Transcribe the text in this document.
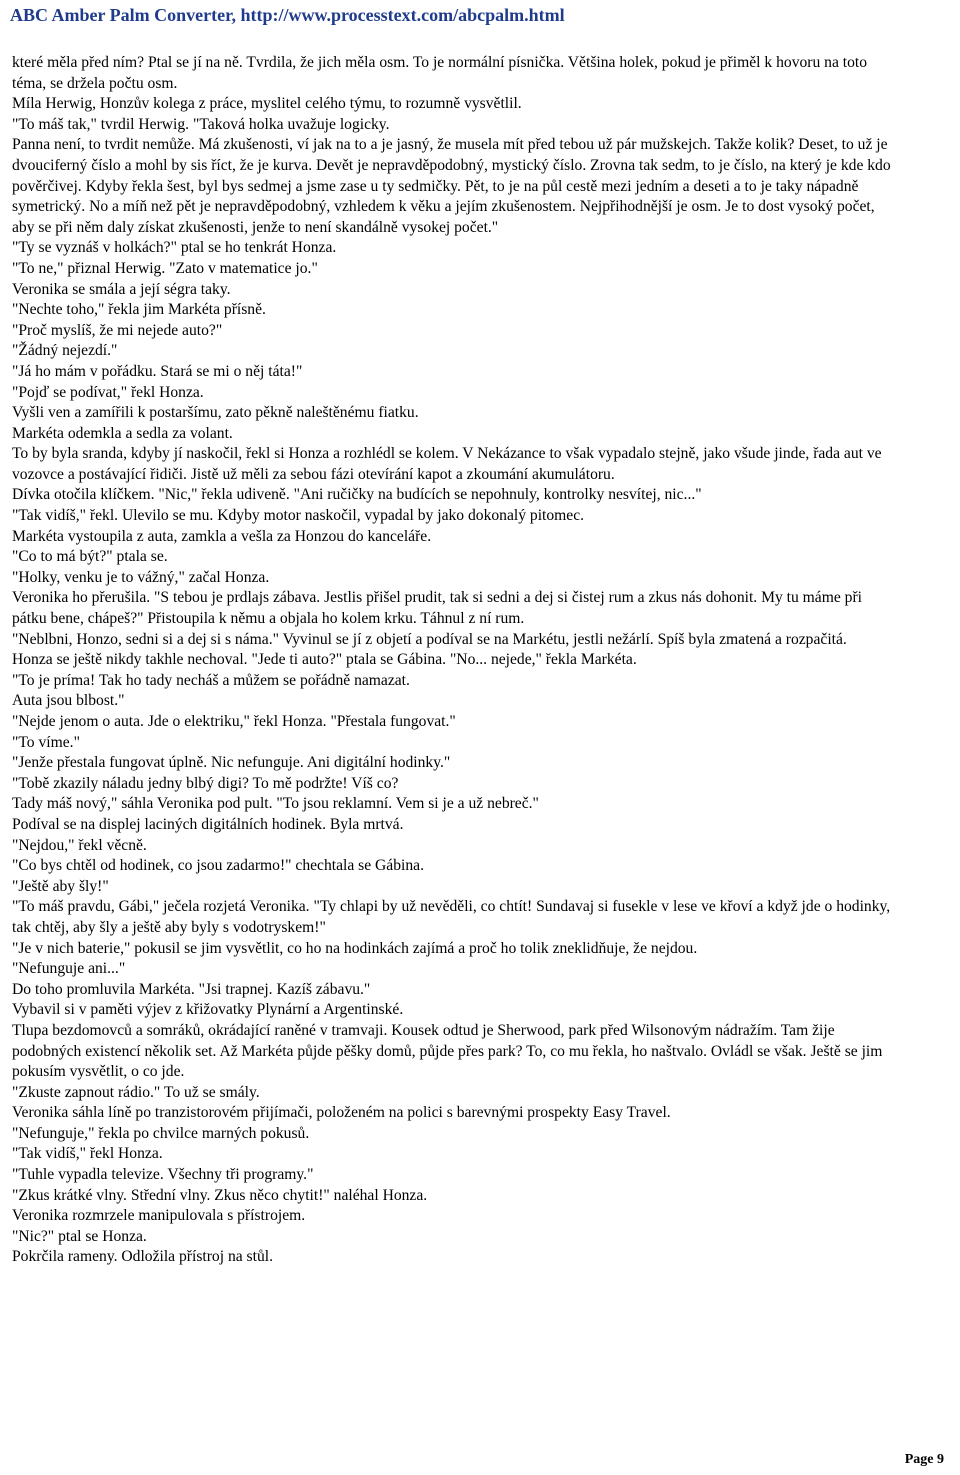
ABC Amber Palm Converter, http://www.processtext.com/abcpalm.html

které měla před ním? Ptal se jí na ně. Tvrdila, že jich měla osm. To je normální písnička. Většina holek, pokud je přiměl k hovoru na toto téma, se držela počtu osm.

Míla Herwig, Honzův kolega z práce, myslitel celého týmu, to rozumně vysvětlil.

"To máš tak," tvrdil Herwig. "Taková holka uvažuje logicky.

Panna není, to tvrdit nemůže. Má zkušenosti, ví jak na to a je jasný, že musela mít před tebou už pár mužskejch. Takže kolik? Deset, to už je dvouciferný číslo a mohl by sis říct, že je kurva. Devět je nepravděpodobný, mystický číslo. Zrovna tak sedm, to je číslo, na který je kde kdo pověrčivej. Kdyby řekla šest, byl bys sedmej a jsme zase u ty sedmičky. Pět, to je na půl cestě mezi jedním a deseti a to je taky nápadně symetrický. No a míň než pět je nepravděpodobný, vzhledem k věku a jejím zkušenostem. Nejpřihodnější je osm. Je to dost vysoký počet, aby se při něm daly získat zkušenosti, jenže to není skandálně vysokej počet."

"Ty se vyznáš v holkách?" ptal se ho tenkrát Honza.

"To ne," přiznal Herwig. "Zato v matematice jo."

Veronika se smála a její ségra taky.

"Nechte toho," řekla jim Markéta přísně.

"Proč myslíš, že mi nejede auto?"

"Žádný nejezdí."

"Já ho mám v pořádku. Stará se mi o něj táta!"

"Pojď se podívat," řekl Honza.

Vyšli ven a zamířili k postaršímu, zato pěkně naleštěnému fiatku.

Markéta odemkla a sedla za volant.

To by byla sranda, kdyby jí naskočil, řekl si Honza a rozhlédl se kolem. V Nekázance to však vypadalo stejně, jako všude jinde, řada aut ve vozovce a postávající řidiči. Jistě už měli za sebou fázi otevírání kapot a zkoumání akumulátoru.

Dívka otočila klíčkem. "Nic," řekla udiveně. "Ani ručičky na budících se nepohnuly, kontrolky nesvítej, nic..."

"Tak vidíš," řekl. Ulevilo se mu. Kdyby motor naskočil, vypadal by jako dokonalý pitomec.

Markéta vystoupila z auta, zamkla a vešla za Honzou do kanceláře.

"Co to má být?" ptala se.

"Holky, venku je to vážný," začal Honza.

Veronika ho přerušila. "S tebou je prdlajs zábava. Jestlis přišel prudit, tak si sedni a dej si čistej rum a zkus nás dohonit. My tu máme při pátku bene, chápeš?" Přistoupila k němu a objala ho kolem krku. Táhnul z ní rum.

"Neblbni, Honzo, sedni si a dej si s náma." Vyvinul se jí z objetí a podíval se na Markétu, jestli nežárlí. Spíš byla zmatená a rozpačitá.

Honza se ještě nikdy takhle nechoval. "Jede ti auto?" ptala se Gábina. "No... nejede," řekla Markéta.

"To je príma! Tak ho tady necháš a můžem se pořádně namazat.

Auta jsou blbost."

"Nejde jenom o auta. Jde o elektriku," řekl Honza. "Přestala fungovat."

"To víme."

"Jenže přestala fungovat úplně. Nic nefunguje. Ani digitální hodinky."

"Tobě zkazily náladu jedny blbý digi? To mě podržte! Víš co?

Tady máš nový," sáhla Veronika pod pult. "To jsou reklamní. Vem si je a už nebreč."

Podíval se na displej laciných digitálních hodinek. Byla mrtvá.

"Nejdou," řekl věcně.

"Co bys chtěl od hodinek, co jsou zadarmo!" chechtala se Gábina.

"Ještě aby šly!"

"To máš pravdu, Gábi," ječela rozjetá Veronika. "Ty chlapi by už nevěděli, co chtít! Sundavaj si fusekle v lese ve křoví a když jde o hodinky, tak chtěj, aby šly a ještě aby byly s vodotryskem!"

"Je v nich baterie," pokusil se jim vysvětlit, co ho na hodinkách zajímá a proč ho tolik zneklidňuje, že nejdou.

"Nefunguje ani..."

Do toho promluvila Markéta. "Jsi trapnej. Kazíš zábavu."

Vybavil si v paměti výjev z křižovatky Plynární a Argentinské.

Tlupa bezdomovců a somráků, okrádající raněné v tramvaji. Kousek odtud je Sherwood, park před Wilsonovým nádražím. Tam žije podobných existencí několik set. Až Markéta půjde pěšky domů, půjde přes park? To, co mu řekla, ho naštvalo. Ovládl se však. Ještě se jim pokusím vysvětlit, o co jde.

"Zkuste zapnout rádio." To už se smály.

Veronika sáhla líně po tranzistorovém přijímači, položeném na polici s barevnými prospekty Easy Travel.

"Nefunguje," řekla po chvilce marných pokusů.

"Tak vidíš," řekl Honza.

"Tuhle vypadla televize. Všechny tři programy."

"Zkus krátké vlny. Střední vlny. Zkus něco chytit!" naléhal Honza.

Veronika rozmrzele manipulovala s přístrojem.

"Nic?" ptal se Honza.

Pokrčila rameny. Odložila přístroj na stůl.

Page 9
